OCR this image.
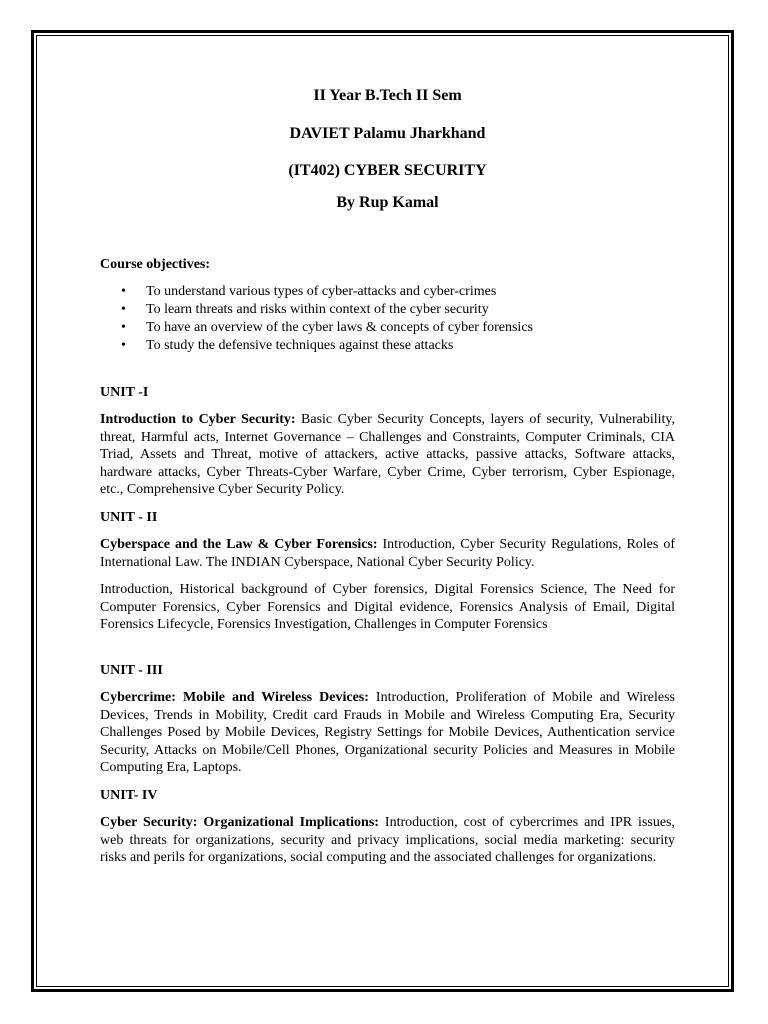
II Year B.Tech II Sem

DAVIET Palamu Jharkhand

(IT402) CYBER SECURITY

By Rup Kamal

Course objectives:

• To understand various types of cyber-attacks and cyber-crimes
• To learn threats and risks within context of the cyber security
• To have an overview of the cyber laws & concepts of cyber forensics
• To study the defensive techniques against these attacks

UNIT -I

Introduction to Cyber Security: Basic Cyber Security Concepts, layers of security, Vulnerability, threat, Harmful acts, Internet Governance – Challenges and Constraints, Computer Criminals, CIA Triad, Assets and Threat, motive of attackers, active attacks, passive attacks, Software attacks, hardware attacks, Cyber Threats-Cyber Warfare, Cyber Crime, Cyber terrorism, Cyber Espionage, etc., Comprehensive Cyber Security Policy.

UNIT - II

Cyberspace and the Law & Cyber Forensics: Introduction, Cyber Security Regulations, Roles of International Law. The INDIAN Cyberspace, National Cyber Security Policy.

Introduction, Historical background of Cyber forensics, Digital Forensics Science, The Need for Computer Forensics, Cyber Forensics and Digital evidence, Forensics Analysis of Email, Digital Forensics Lifecycle, Forensics Investigation, Challenges in Computer Forensics

UNIT - III

Cybercrime: Mobile and Wireless Devices: Introduction, Proliferation of Mobile and Wireless Devices, Trends in Mobility, Credit card Frauds in Mobile and Wireless Computing Era, Security Challenges Posed by Mobile Devices, Registry Settings for Mobile Devices, Authentication service Security, Attacks on Mobile/Cell Phones, Organizational security Policies and Measures in Mobile Computing Era, Laptops.

UNIT- IV

Cyber Security: Organizational Implications: Introduction, cost of cybercrimes and IPR issues, web threats for organizations, security and privacy implications, social media marketing: security risks and perils for organizations, social computing and the associated challenges for organizations.
